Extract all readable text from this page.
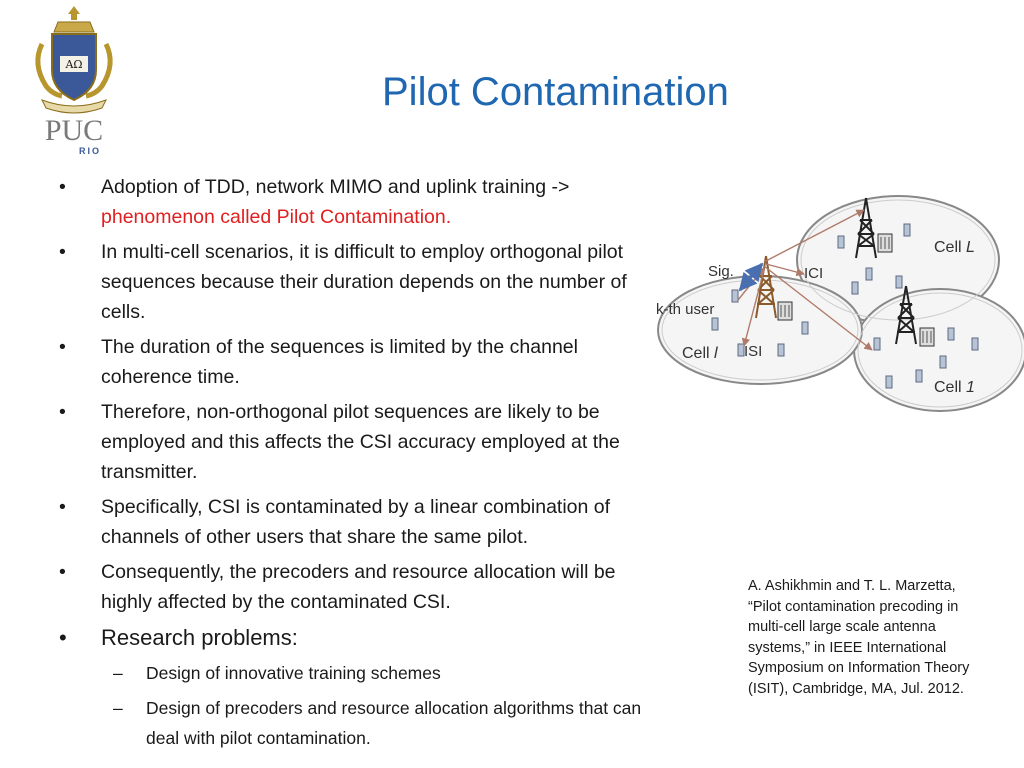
ΑΩ
PUC
RIO
Pilot Contamination
• Adoption of TDD, network MIMO and uplink training ->
phenomenon called Pilot Contamination.
• In multi-cell scenarios, it is difficult to employ orthogonal pilot sequences because their duration depends on the number of cells.
• The duration of the sequences is limited by the channel coherence time.
• Therefore, non-orthogonal pilot sequences are likely to be employed and this affects the CSI accuracy employed at the transmitter.
• Specifically, CSI is contaminated by a linear combination of channels of other users that share the same pilot.
• Consequently, the precoders and resource allocation will be highly affected by the contaminated CSI.
• Research problems:
– Design of innovative training schemes
– Design of precoders and resource allocation algorithms that can deal with pilot contamination.
Sig.	ICI
k-th user
Cell L
Cell 1
Cell l ISI
A. Ashikhmin and T. L. Marzetta, “Pilot contamination precoding in multi-cell large scale antenna systems,” in IEEE International Symposium on Information Theory (ISIT), Cambridge, MA, Jul. 2012.
